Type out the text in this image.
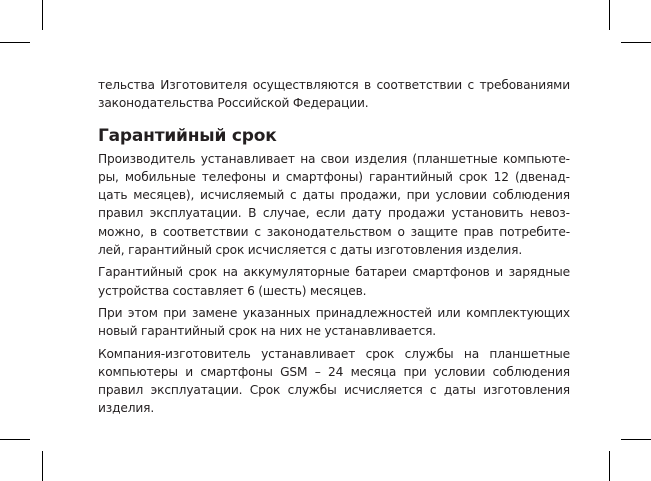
тельства Изготовителя осуществляются в соответствии с требованиями
законодательства Российской Федерации.
Гарантийный срок
Производитель устанавливает на свои изделия (планшетные компьюте-
ры, мобильные телефоны и смартфоны) гарантийный срок 12 (двенад-
цать месяцев), исчисляемый с даты продажи, при условии соблюдения
правил эксплуатации. В случае, если дату продажи установить невоз-
можно, в соответствии с законодательством о защите прав потребите-
лей, гарантийный срок исчисляется с даты изготовления изделия.
Гарантийный срок на аккумуляторные батареи смартфонов и зарядные
устройства составляет 6 (шесть) месяцев.
При этом при замене указанных принадлежностей или комплектующих
новый гарантийный срок на них не устанавливается.
Компания-изготовитель устанавливает срок службы на планшетные
компьютеры и смартфоны GSM – 24 месяца при условии соблюдения
правил эксплуатации. Срок службы исчисляется с даты изготовления
изделия.
